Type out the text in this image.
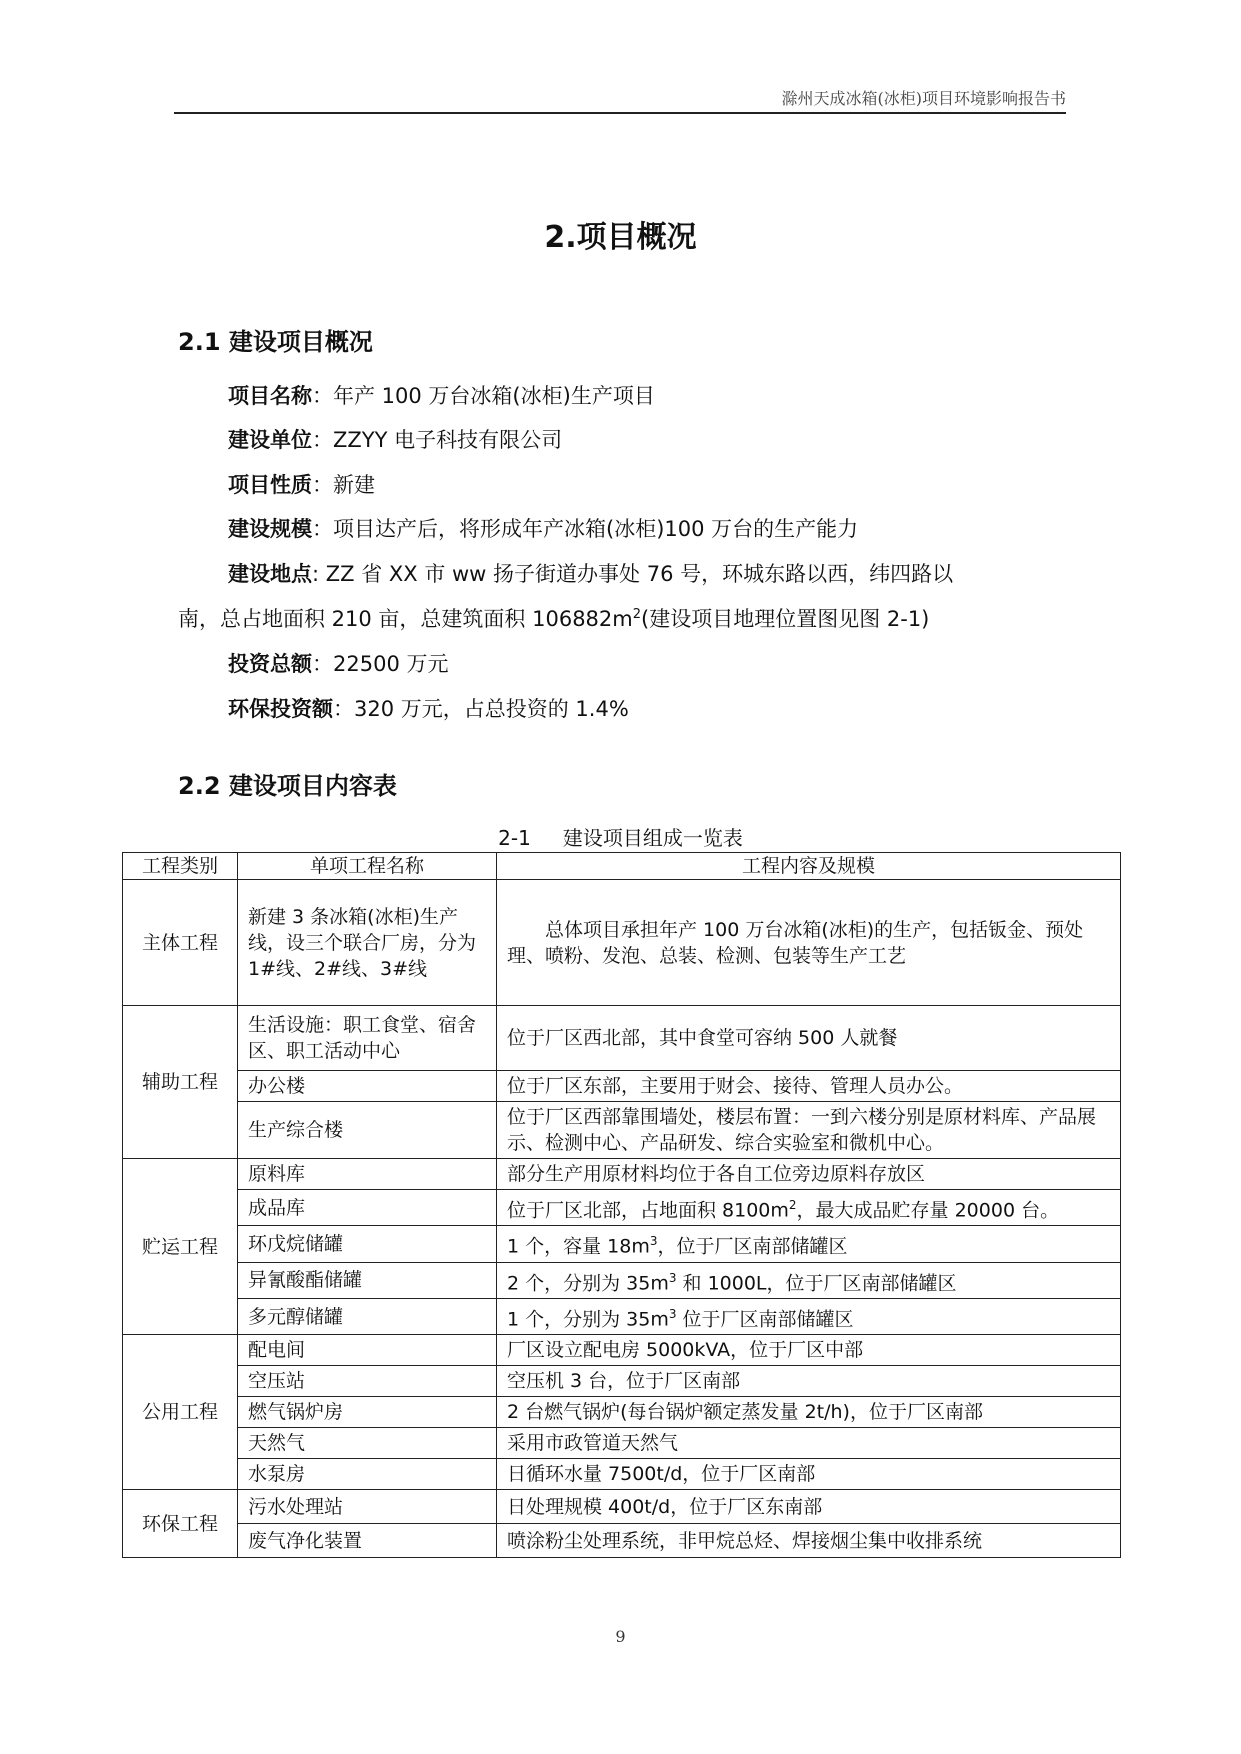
滁州天成冰箱(冰柜)项目环境影响报告书
2.项目概况
2.1 建设项目概况
项目名称：年产 100 万台冰箱(冰柜)生产项目
建设单位：ZZYY 电子科技有限公司
项目性质：新建
建设规模：项目达产后，将形成年产冰箱(冰柜)100 万台的生产能力
建设地点: ZZ 省 XX 市 ww 扬子街道办事处 76 号，环城东路以西，纬四路以
南，总占地面积 210 亩，总建筑面积 $106882m^2$(建设项目地理位置图见图 2-1)
投资总额：22500 万元
环保投资额：320 万元，占总投资的 1.4%
2.2 建设项目内容表
2-1 建设项目组成一览表
工程类别	单项工程名称	工程内容及规模
主体工程	新建 3 条冰箱(冰柜)生产线，设三个联合厂房，分为 1#线、2#线、3#线	总体项目承担年产 100 万台冰箱(冰柜)的生产，包括钣金、预处理、喷粉、发泡、总装、检测、包装等生产工艺
辅助工程	生活设施：职工食堂、宿舍区、职工活动中心	位于厂区西北部，其中食堂可容纳 500 人就餐
	办公楼	位于厂区东部，主要用于财会、接待、管理人员办公。
	生产综合楼	位于厂区西部靠围墙处，楼层布置：一到六楼分别是原材料库、产品展示、检测中心、产品研发、综合实验室和微机中心。
贮运工程	原料库	部分生产用原材料均位于各自工位旁边原料存放区
	成品库	位于厂区北部，占地面积 $8100m^2$，最大成品贮存量 20000 台。
	环戊烷储罐	1 个，容量 $18m^3$，位于厂区南部储罐区
	异氰酸酯储罐	2 个，分别为 $35m^3$ 和 1000L，位于厂区南部储罐区
	多元醇储罐	1 个，分别为 $35m^3$ 位于厂区南部储罐区
公用工程	配电间	厂区设立配电房 5000kVA，位于厂区中部
	空压站	空压机 3 台，位于厂区南部
	燃气锅炉房	2 台燃气锅炉(每台锅炉额定蒸发量 2t/h)，位于厂区南部
	天然气	采用市政管道天然气
	水泵房	日循环水量 7500t/d，位于厂区南部
环保工程	污水处理站	日处理规模 400t/d，位于厂区东南部
	废气净化装置	喷涂粉尘处理系统，非甲烷总烃、焊接烟尘集中收排系统
9
